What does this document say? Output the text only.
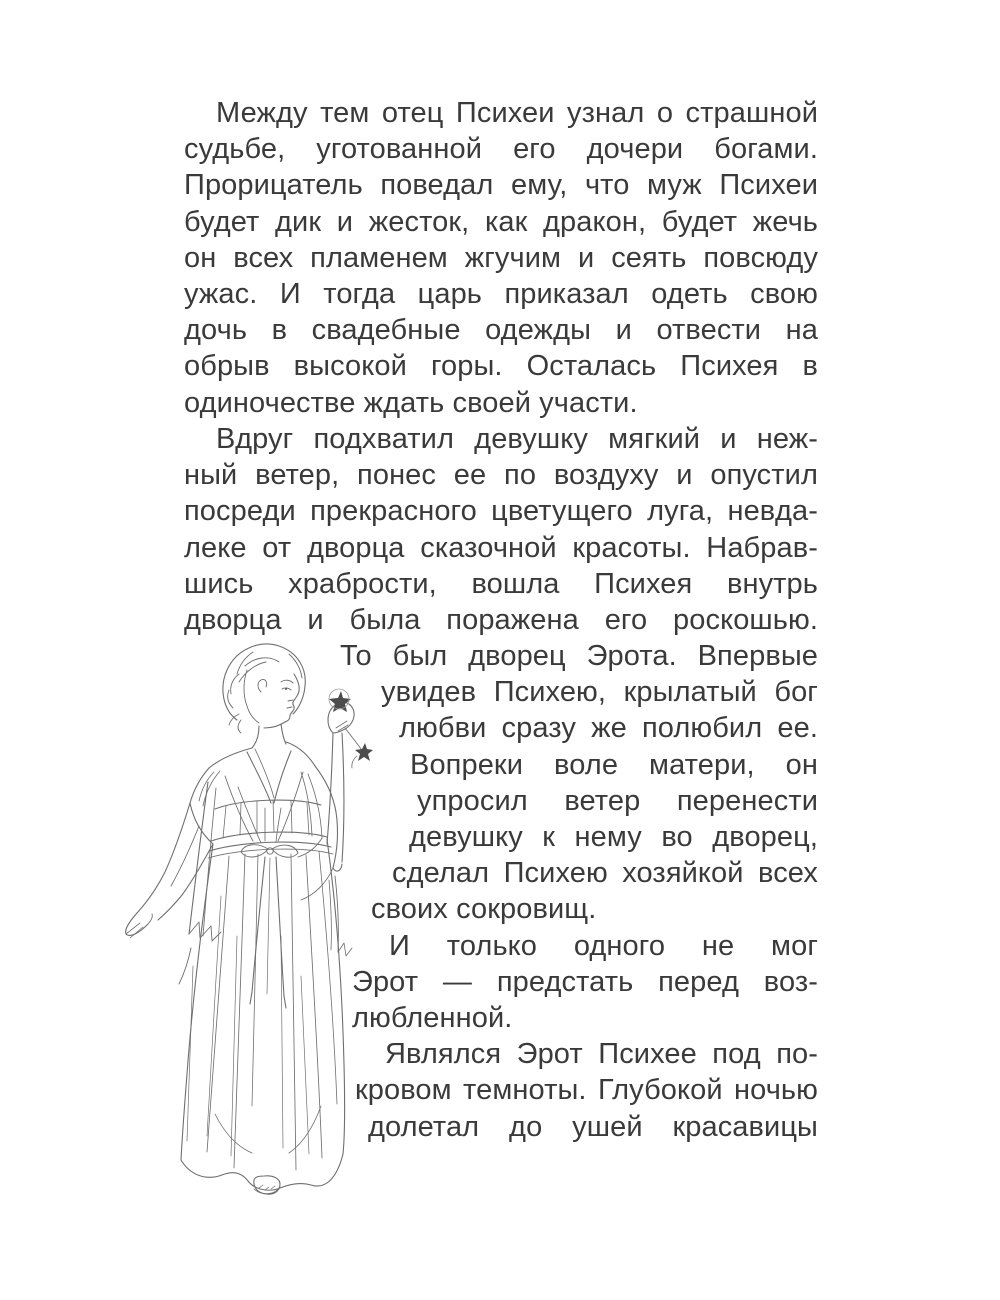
Между тем отец Психеи узнал о страшной
судьбе, уготованной его дочери богами.
Прорицатель поведал ему, что муж Психеи
будет дик и жесток, как дракон, будет жечь
он всех пламенем жгучим и сеять повсюду
ужас. И тогда царь приказал одеть свою
дочь в свадебные одежды и отвести на
обрыв высокой горы. Осталась Психея в
одиночестве ждать своей участи.
Вдруг подхватил девушку мягкий и неж-
ный ветер, понес ее по воздуху и опустил
посреди прекрасного цветущего луга, невда-
леке от дворца сказочной красоты. Набрав-
шись храбрости, вошла Психея внутрь
дворца и была поражена его роскошью.
То был дворец Эрота. Впервые
увидев Психею, крылатый бог
любви сразу же полюбил ее.
Вопреки воле матери, он
упросил ветер перенести
девушку к нему во дворец,
сделал Психею хозяйкой всех
своих сокровищ.
И только одного не мог
Эрот — предстать перед воз-
любленной.
Являлся Эрот Психее под по-
кровом темноты. Глубокой ночью
долетал до ушей красавицы
